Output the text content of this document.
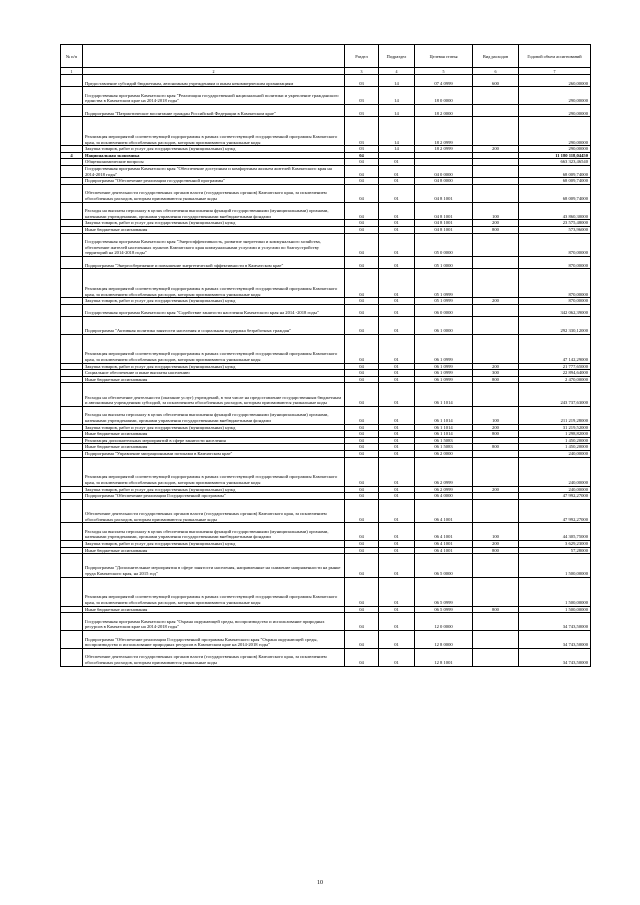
№ п/п		Раздел	Подраздел	Целевая статья	Вид расходов	Годовой объем ассигнований
1	2	3	4	5	6	7
	Предоставление субсидий бюджетным, автономным учреждениям и иным некоммерческим организациям	03	14	07 4 0999	600	260,00000
	Государственная программа Камчатского края "Реализация государственной национальной политики и укрепление гражданского единства в Камчатском крае на 2014-2018 годы"	03	14	18 0 0000		290,00000
	Подпрограмма "Патриотическое воспитание граждан Российской Федерации в Камчатском крае"	03	14	18 2 0000		290,00000
	Реализация мероприятий соответствующей подпрограммы в рамках соответствующей государственной программы Камчатского края, за исключением обособленных расходов, которым присваиваются уникальные коды	03	14	18 2 0999		290,00000
	Закупка товаров, работ и услуг для государственных (муниципальных) нужд	03	14	18 2 0999	200	290,00000
4	Национальная экономика	04				11 180 118,04450
	Общеэкономические вопросы	04	01			663 323,46540
	Государственная программа Камчатского края "Обеспечение доступным и комфортным жильем жителей Камчатского края на 2014-2018 годы"	04	01	04 0 0000		68 009,74000
	Подпрограмма "Обеспечение реализации государственной программы"	04	01	04 8 0000		68 009,74000
	Обеспечение деятельности государственных органов власти (государственных органов) Камчатского края, за исключением обособленных расходов, которым присваиваются уникальные коды	04	01	04 8 1001		68 009,74000
	Расходы на выплаты персоналу в целях обеспечения выполнения функций государственными (муниципальными) органами, казенными учреждениями, органами управления государственными внебюджетными фондами	04	01	04 8 1001	100	43 860,30000
	Закупка товаров, работ и услуг для государственных (муниципальных) нужд	04	01	04 8 1001	200	23 575,48000
	Иные бюджетные ассигнования	04	01	04 8 1001	800	573,96000
	Государственная программа Камчатского края "Энергоэффективность, развитие энергетики и коммунального хозяйства, обеспечение жителей населенных пунктов Камчатского края коммунальными услугами и услугами по благоустройству территорий на 2014-2018 годы"	04	01	05 0 0000		870,00000
	Подпрограмма "Энергосбережение и повышение энергетической эффективности в Камчатском крае"	04	01	05 1 0000		870,00000
	Реализация мероприятий соответствующей подпрограммы в рамках соответствующей государственной программы Камчатского края, за исключением обособленных расходов, которым присваиваются уникальные коды	04	01	05 1 0999		870,00000
	Закупка товаров, работ и услуг для государственных (муниципальных) нужд	04	01	05 1 0999	200	870,00000
	Государственная программа Камчатского края "Содействие занятости населения Камчатского края на 2014 -2018 годы"	04	01	06 0 0000		342 062,39000
	Подпрограмма "Активная политика занятости населения и социальная поддержка безработных граждан"	04	01	06 1 0000		292 330,12000
	Реализация мероприятий соответствующей подпрограммы в рамках соответствующей государственной программы Камчатского края, за исключением обособленных расходов, которым присваиваются уникальные коды	04	01	06 1 0999		47 142,29000
	Закупка товаров, работ и услуг для государственных (муниципальных) нужд	04	01	06 1 0999	200	21 777,65000
	Социальное обеспечение и иные выплаты населению	04	01	06 1 0999	300	22 894,64000
	Иные бюджетные ассигнования	04	01	06 1 0999	800	2 470,00000
	Расходы на обеспечение деятельности (оказание услуг) учреждений, в том числе на предоставление государственным бюджетным и автономным учреждениям субсидий, за исключением обособленных расходов, которым присваиваются уникальные коды	04	01	06 1 1014		243 737,63000
	Расходы на выплаты персоналу в целях обеспечения выполнения функций государственными (муниципальными) органами, казенными учреждениями, органами управления государственными внебюджетными фондами	04	01	06 1 1014	100	211 219,28000
	Закупка товаров, работ и услуг для государственных (муниципальных) нужд	04	01	06 1 1014	200	31 219,52000
	Иные бюджетные ассигнования	04	01	06 1 1014	800	1 298,82000
	Реализация дополнительных мероприятий в сфере занятости населения	04	01	06 1 5083		1 450,20000
	Иные бюджетные ассигнования	04	01	06 1 5083	800	1 450,20000
	Подпрограмма "Управление миграционными потоками в Камчатском крае"	04	01	06 2 0000		240,00000
	Реализация мероприятий соответствующей подпрограммы в рамках соответствующей государственной программы Камчатского края, за исключением обособленных расходов, которым присваиваются уникальные коды	04	01	06 2 0999		240,00000
	Закупка товаров, работ и услуг для государственных (муниципальных) нужд	04	01	06 2 0999	200	240,00000
	Подпрограмма "Обеспечение реализации Государственной программы"	04	01	06 4 0000		47 992,27000
	Обеспечение деятельности государственных органов власти (государственных органов) Камчатского края, за исключением обособленных расходов, которым присваиваются уникальные коды	04	01	06 4 1001		47 992,27000
	Расходы на выплаты персоналу в целях обеспечения выполнения функций государственными (муниципальными) органами, казенными учреждениями, органами управления государственными внебюджетными фондами	04	01	06 4 1001	100	44 305,75000
	Закупка товаров, работ и услуг для государственных (муниципальных) нужд	04	01	06 4 1001	200	3 629,23000
	Иные бюджетные ассигнования	04	01	06 4 1001	800	57,28000
	Подпрограмма "Дополнительные мероприятия в сфере занятости населения, направленные на снижение напряженности на рынке труда Камчатского края, на 2015 год"	04	01	06 5 0000		1 500,00000
	Реализация мероприятий соответствующей подпрограммы в рамках соответствующей государственной программы Камчатского края, за исключением обособленных расходов, которым присваиваются уникальные коды	04	01	06 5 0999		1 500,00000
	Иные бюджетные ассигнования	04	01	06 5 0999	800	1 500,00000
	Государственная программа Камчатского края "Охрана окружающей среды, воспроизводство и использование природных ресурсов в Камчатском крае на 2014-2018 годы"	04	01	12 0 0000		34 743,50000
	Подпрограмма "Обеспечение реализации Государственной программы Камчатского края "Охрана окружающей среды, воспроизводство и использование природных ресурсов в Камчатском крае на 2014-2018 годы"	04	01	12 8 0000		34 743,50000
	Обеспечение деятельности государственных органов власти (государственных органов) Камчатского края, за исключением обособленных расходов, которым присваиваются уникальные коды	04	01	12 8 1001		34 743,50000
10
